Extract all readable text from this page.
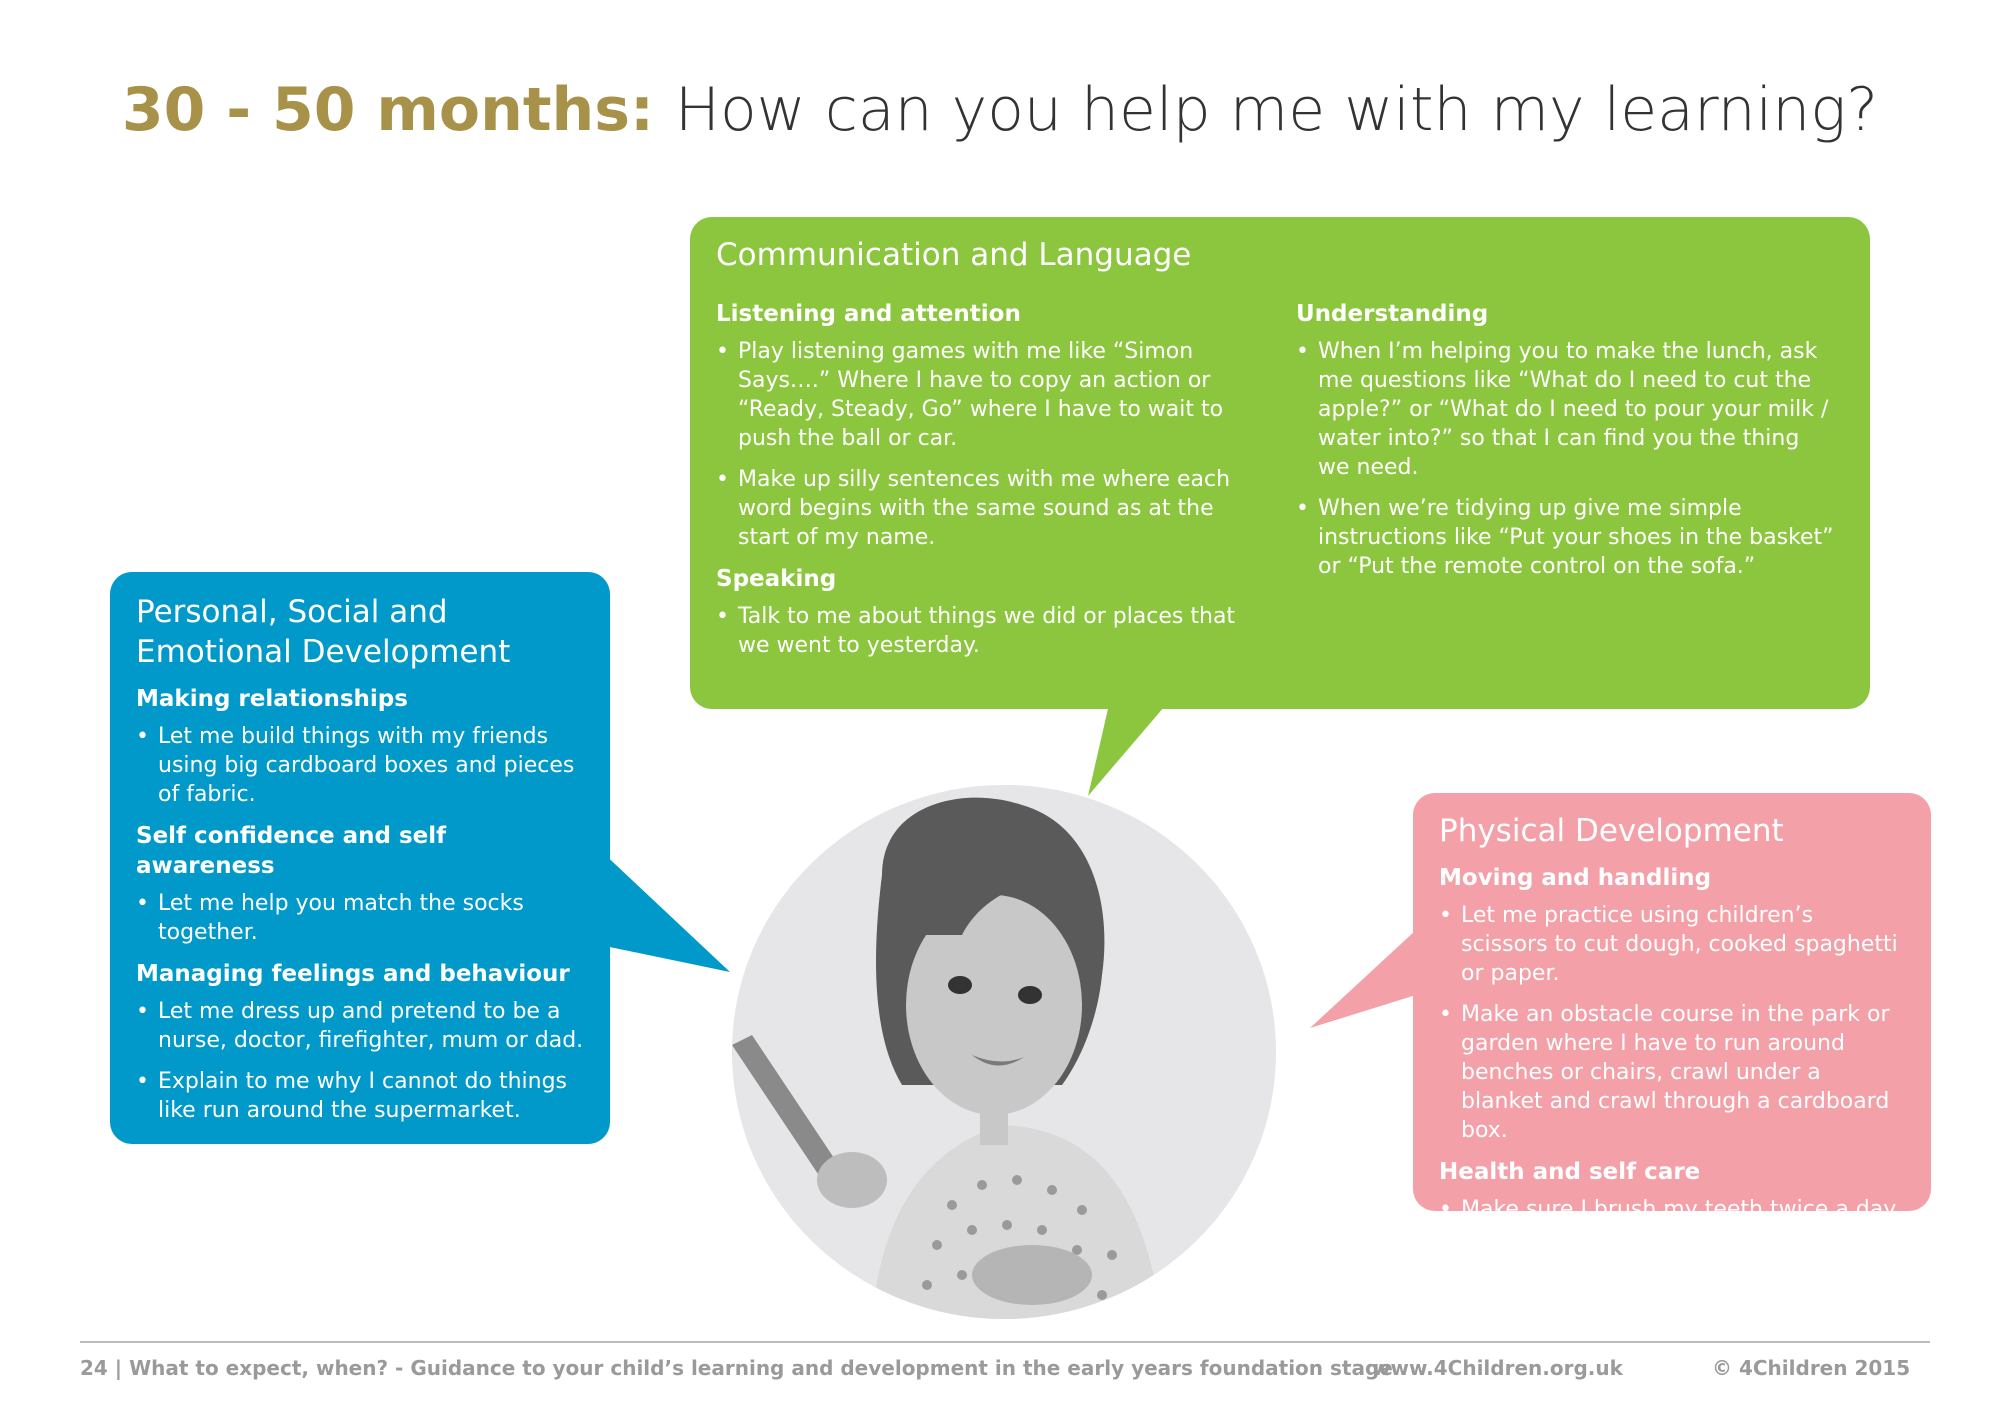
30 - 50 months: How can you help me with my learning?
Communication and Language
Listening and attention
• Play listening games with me like “Simon Says….” Where I have to copy an action or “Ready, Steady, Go” where I have to wait to push the ball or car.
• Make up silly sentences with me where each word begins with the same sound as at the start of my name.
Speaking
• Talk to me about things we did or places that we went to yesterday.
Understanding
• When I’m helping you to make the lunch, ask me questions like “What do I need to cut the apple?” or “What do I need to pour your milk / water into?” so that I can find you the thing we need.
• When we’re tidying up give me simple instructions like “Put your shoes in the basket” or “Put the remote control on the sofa.”
Personal, Social and
Emotional Development
Making relationships
• Let me build things with my friends using big cardboard boxes and pieces of fabric.
Self confidence and self awareness
• Let me help you match the socks together.
Managing feelings and behaviour
• Let me dress up and pretend to be a nurse, doctor, firefighter, mum or dad.
• Explain to me why I cannot do things like run around the supermarket.
Physical Development
Moving and handling
• Let me practice using children’s scissors to cut dough, cooked spaghetti or paper.
• Make an obstacle course in the park or garden where I have to run around benches or chairs, crawl under a blanket and crawl through a cardboard box.
Health and self care
• Make sure I brush my teeth twice a day.
24 | What to expect, when? - Guidance to your child’s learning and development in the early years foundation stage
www.4Children.org.uk	© 4Children 2015
